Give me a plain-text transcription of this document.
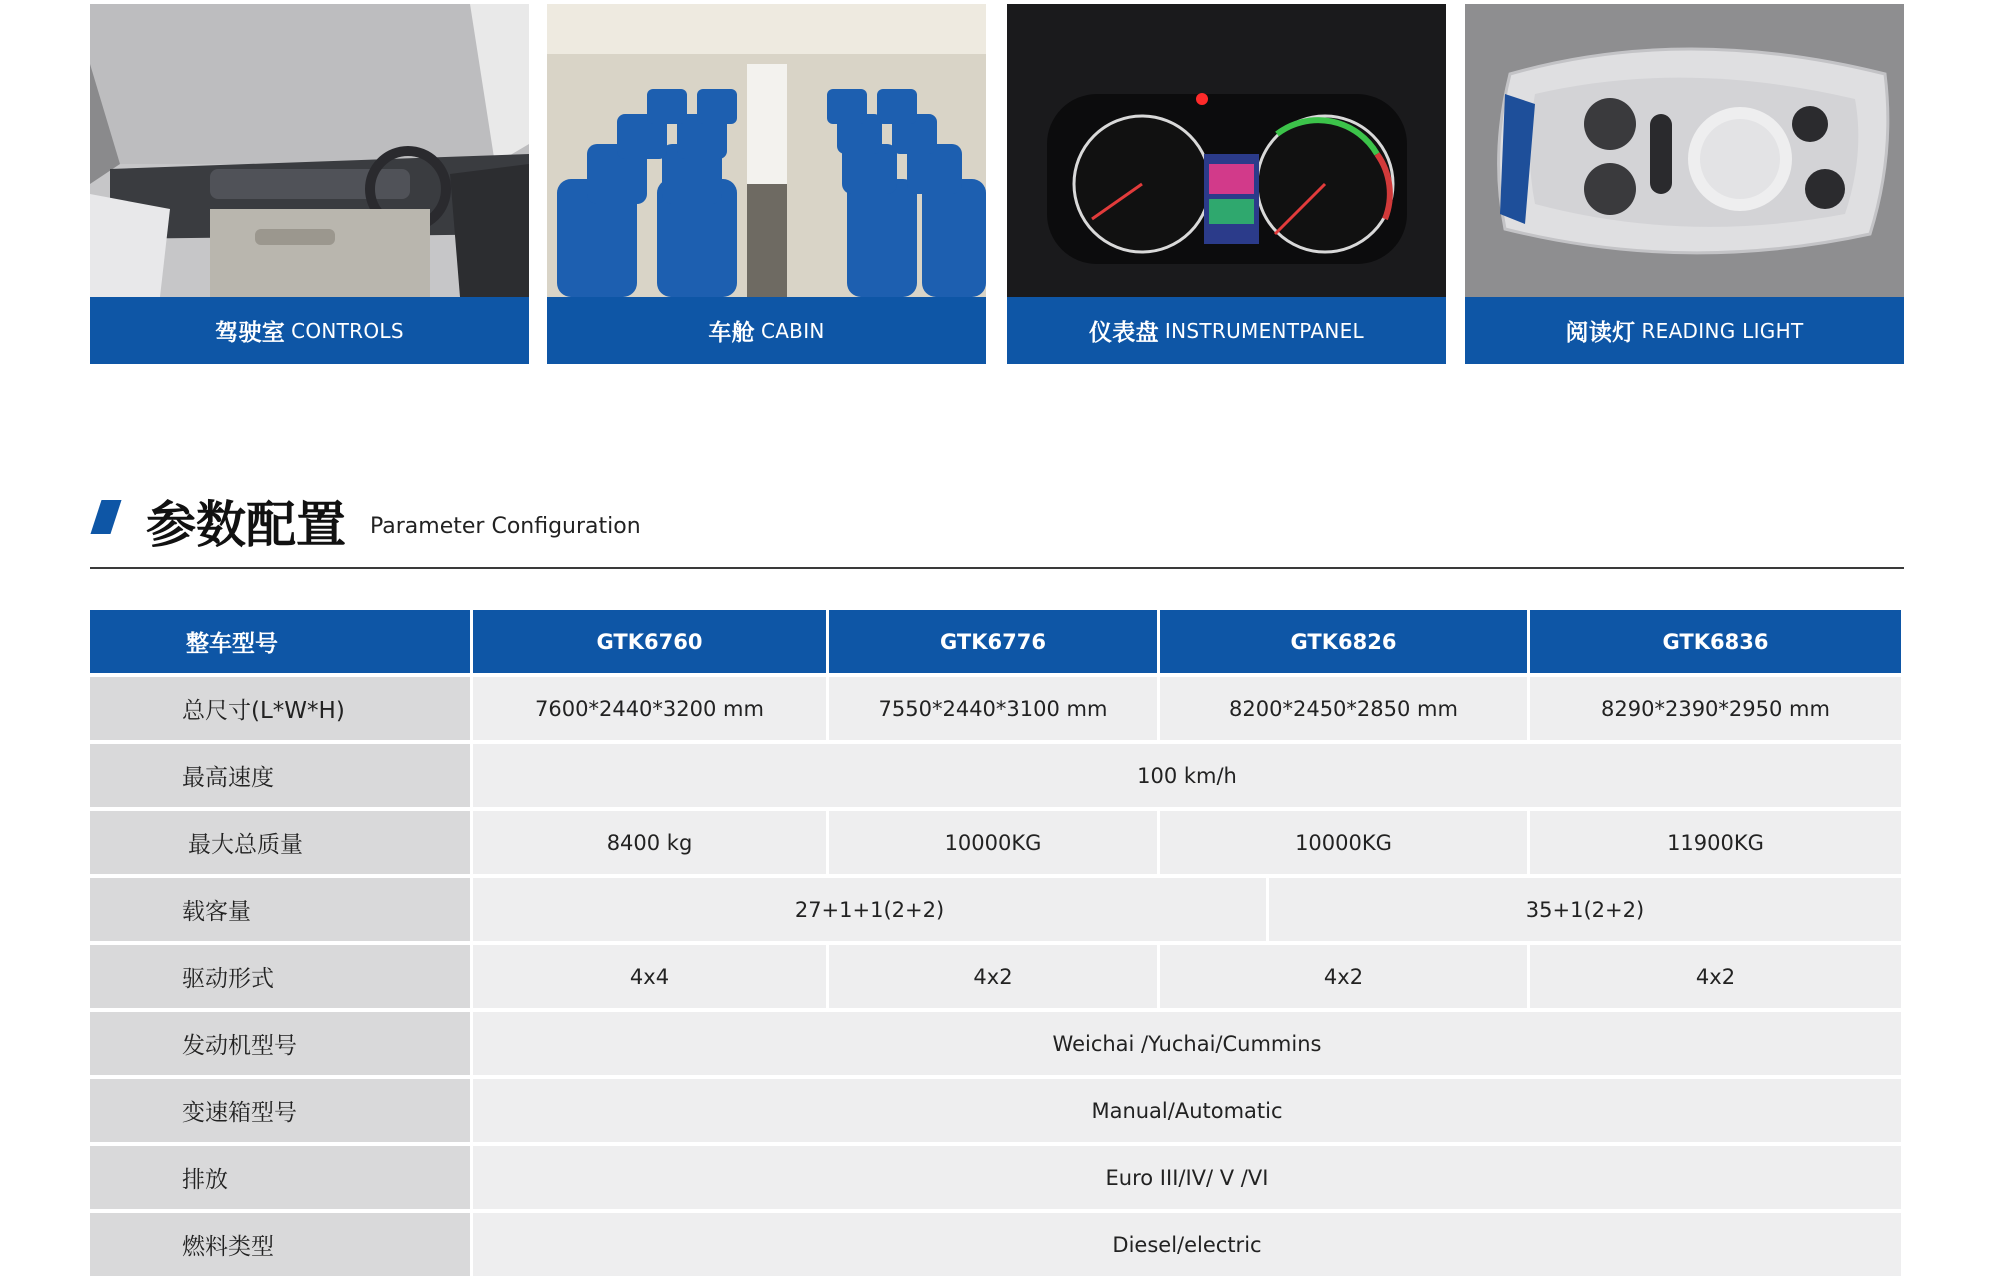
驾驶室 CONTROLS	车舱 CABIN	仪表盘 INSTRUMENTPANEL	阅读灯 READING LIGHT
参数配置 Parameter Configuration
整车型号	GTK6760	GTK6776	GTK6826	GTK6836
总尺寸(L*W*H)	7600*2440*3200 mm	7550*2440*3100 mm	8200*2450*2850 mm	8290*2390*2950 mm
最高速度	100 km/h
最大总质量	8400 kg	10000KG	10000KG	11900KG
载客量	27+1+1(2+2)	35+1(2+2)
驱动形式	4x4	4x2	4x2	4x2
发动机型号	Weichai /Yuchai/Cummins
变速箱型号	Manual/Automatic
排放	Euro III/IV/ V /VI
燃料类型	Diesel/electric
